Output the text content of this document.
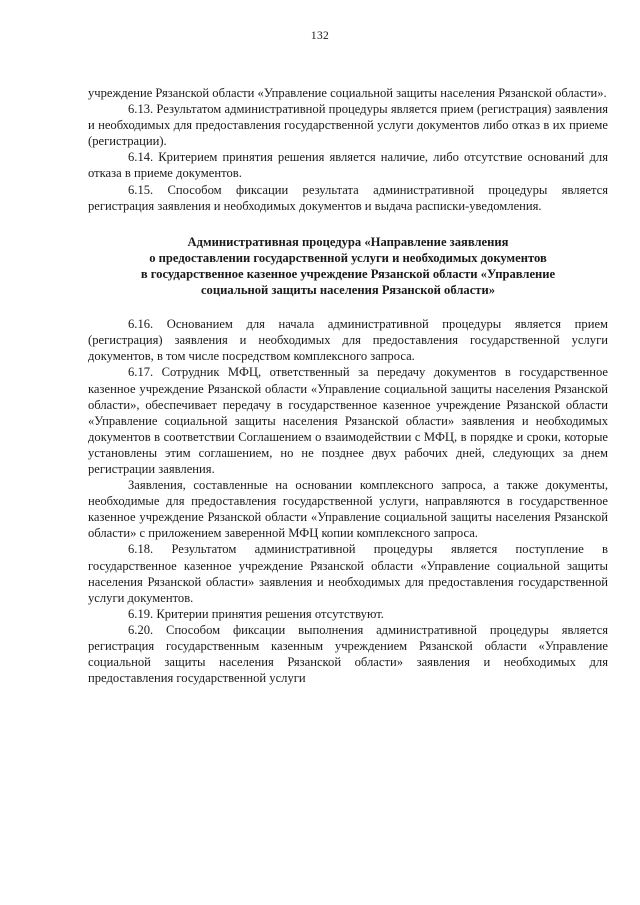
132

учреждение Рязанской области «Управление социальной защиты населения Рязанской области».

6.13. Результатом административной процедуры является прием (регистрация) заявления и необходимых для предоставления государственной услуги документов либо отказ в их приеме (регистрации).

6.14. Критерием принятия решения является наличие, либо отсутствие оснований для отказа в приеме документов.

6.15. Способом фиксации результата административной процедуры является регистрация заявления и необходимых документов и выдача расписки-уведомления.

Административная процедура «Направление заявления
о предоставлении государственной услуги и необходимых документов
в государственное казенное учреждение Рязанской области «Управление
социальной защиты населения Рязанской области»

6.16. Основанием для начала административной процедуры является прием (регистрация) заявления и необходимых для предоставления государственной услуги документов, в том числе посредством комплексного запроса.

6.17. Сотрудник МФЦ, ответственный за передачу документов в государственное казенное учреждение Рязанской области «Управление социальной защиты населения Рязанской области», обеспечивает передачу в государственное казенное учреждение Рязанской области «Управление социальной защиты населения Рязанской области» заявления и необходимых документов в соответствии Соглашением о взаимодействии с МФЦ, в порядке и сроки, которые установлены этим соглашением, но не позднее двух рабочих дней, следующих за днем регистрации заявления.

Заявления, составленные на основании комплексного запроса, а также документы, необходимые для предоставления государственной услуги, направляются в государственное казенное учреждение Рязанской области «Управление социальной защиты населения Рязанской области» с приложением заверенной МФЦ копии комплексного запроса.

6.18. Результатом административной процедуры является поступление в государственное казенное учреждение Рязанской области «Управление социальной защиты населения Рязанской области» заявления и необходимых для предоставления государственной услуги документов.

6.19. Критерии принятия решения отсутствуют.

6.20. Способом фиксации выполнения административной процедуры является регистрация государственным казенным учреждением Рязанской области «Управление социальной защиты населения Рязанской области» заявления и необходимых для предоставления государственной услуги
